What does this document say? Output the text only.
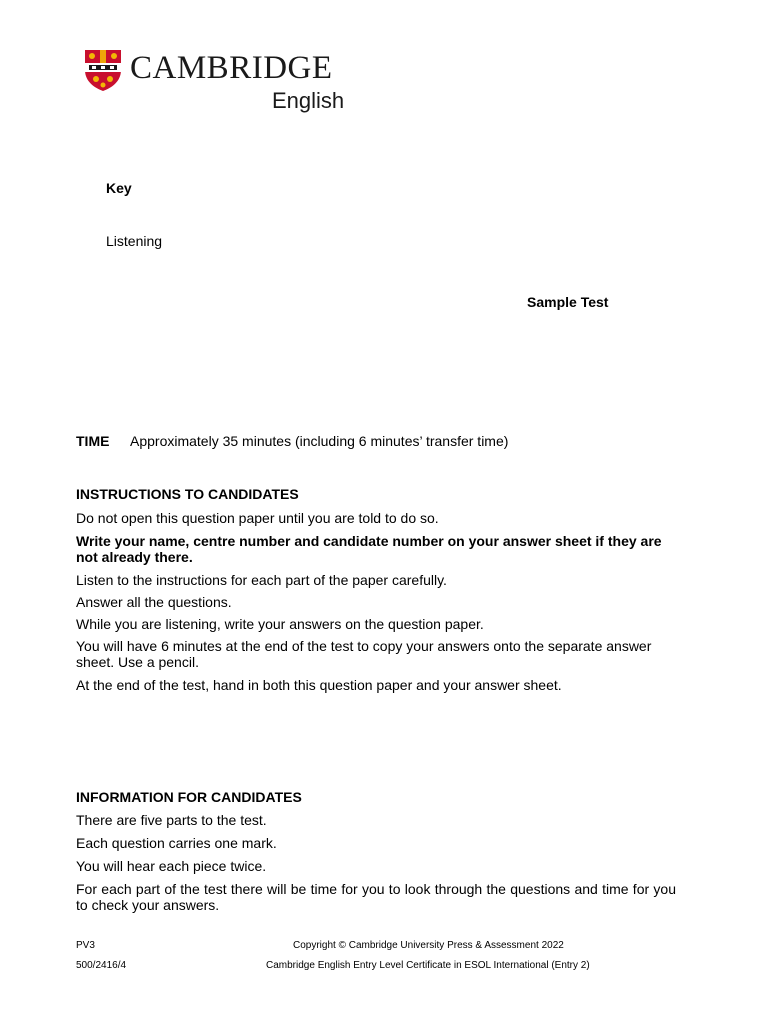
CAMBRIDGE
English
Key
Listening
Sample Test
TIME Approximately 35 minutes (including 6 minutes’ transfer time)

INSTRUCTIONS TO CANDIDATES

Do not open this question paper until you are told to do so.

Write your name, centre number and candidate number on your answer sheet if they are not already there.

Listen to the instructions for each part of the paper carefully.

Answer all the questions.

While you are listening, write your answers on the question paper.

You will have 6 minutes at the end of the test to copy your answers onto the separate answer sheet. Use a pencil.

At the end of the test, hand in both this question paper and your answer sheet.

INFORMATION FOR CANDIDATES

There are five parts to the test.

Each question carries one mark.

You will hear each piece twice.

For each part of the test there will be time for you to look through the questions and time for you to check your answers.

PV3
500/2416/4
Copyright © Cambridge University Press & Assessment 2022
Cambridge English Entry Level Certificate in ESOL International (Entry 2)
